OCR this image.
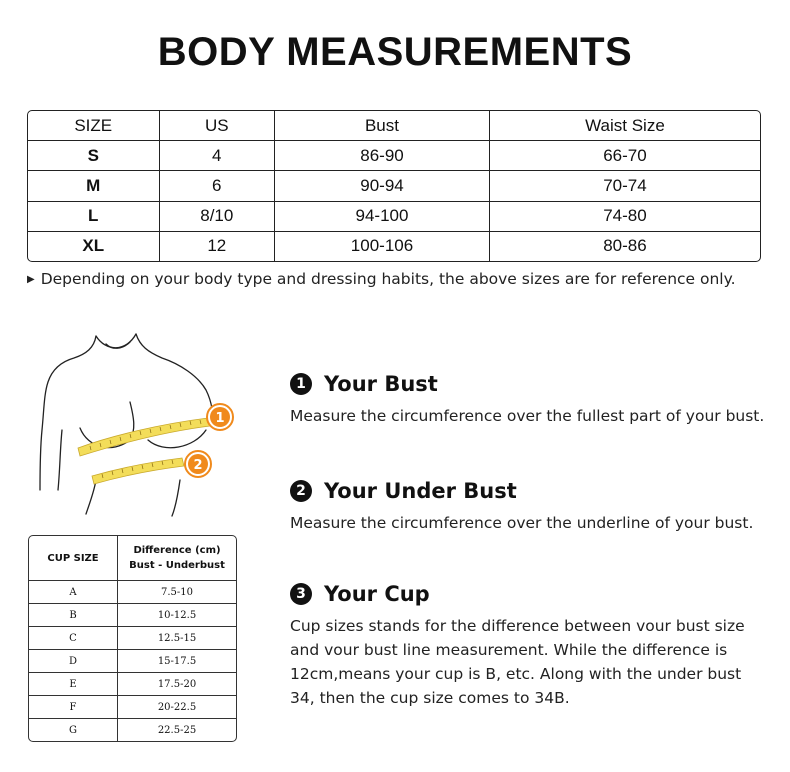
BODY MEASUREMENTS
SIZE	US	Bust	Waist Size
S	4	86-90	66-70
M	6	90-94	70-74
L	8/10	94-100	74-80
XL	12	100-106	80-86
▶ Depending on your body type and dressing habits, the above sizes are for reference only.
1
2
CUP SIZE	Difference (cm)
Bust - Underbust

A	7.5-10
B	10-12.5
C	12.5-15
D	15-17.5
E	17.5-20
F	20-22.5
G	22.5-25
1 Your Bust

Measure the circumference over the fullest part of your bust.

2 Your Under Bust

Measure the circumference over the underline of your bust.

3 Your Cup

Cup sizes stands for the difference between vour bust size and vour bust line measurement. While the difference is 12cm,means your cup is B, etc. Along with the under bust 34, then the cup size comes to 34B.
